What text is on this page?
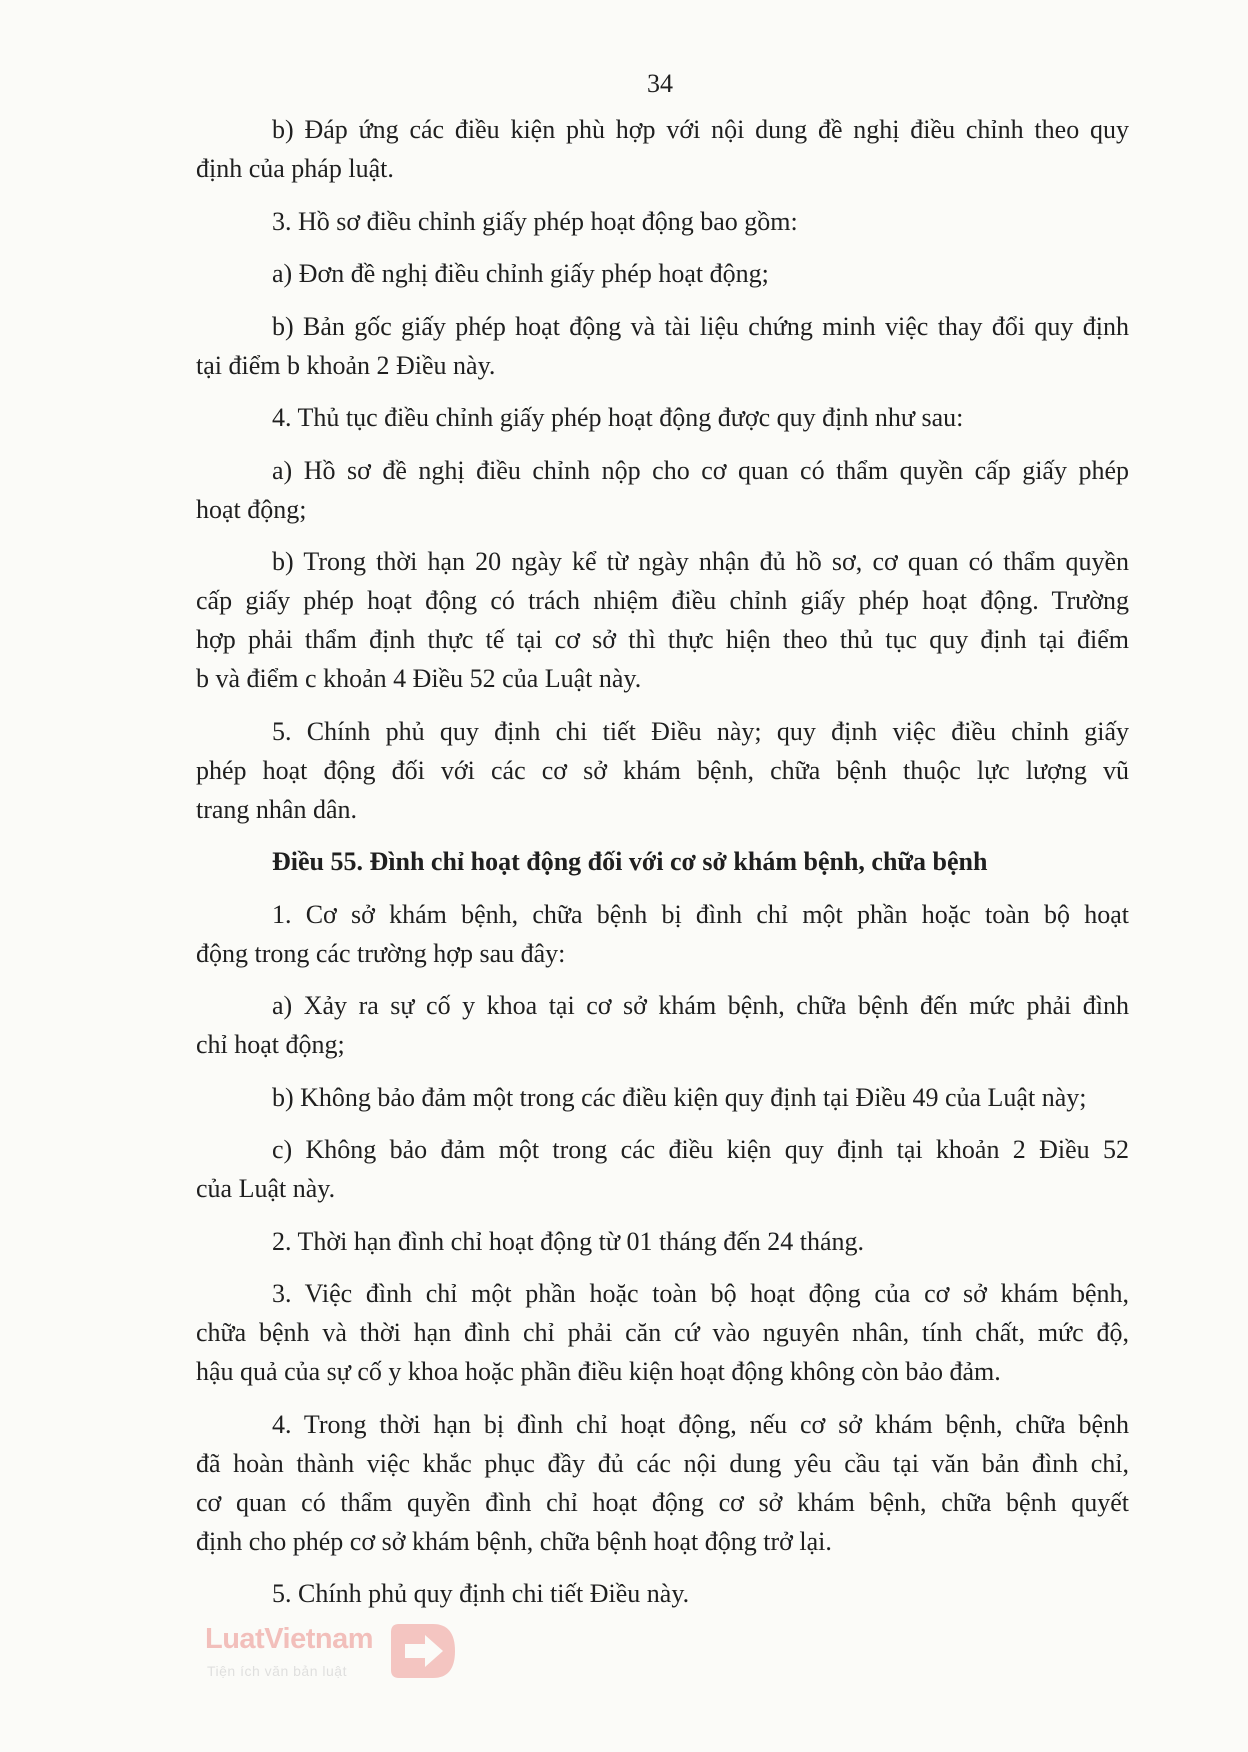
34
b) Đáp ứng các điều kiện phù hợp với nội dung đề nghị điều chỉnh theo quy
định của pháp luật.
3. Hồ sơ điều chỉnh giấy phép hoạt động bao gồm:
a) Đơn đề nghị điều chỉnh giấy phép hoạt động;
b) Bản gốc giấy phép hoạt động và tài liệu chứng minh việc thay đổi quy định
tại điểm b khoản 2 Điều này.
4. Thủ tục điều chỉnh giấy phép hoạt động được quy định như sau:
a) Hồ sơ đề nghị điều chỉnh nộp cho cơ quan có thẩm quyền cấp giấy phép
hoạt động;
b) Trong thời hạn 20 ngày kể từ ngày nhận đủ hồ sơ, cơ quan có thẩm quyền
cấp giấy phép hoạt động có trách nhiệm điều chỉnh giấy phép hoạt động. Trường
hợp phải thẩm định thực tế tại cơ sở thì thực hiện theo thủ tục quy định tại điểm
b và điểm c khoản 4 Điều 52 của Luật này.
5. Chính phủ quy định chi tiết Điều này; quy định việc điều chỉnh giấy
phép hoạt động đối với các cơ sở khám bệnh, chữa bệnh thuộc lực lượng vũ
trang nhân dân.
Điều 55. Đình chỉ hoạt động đối với cơ sở khám bệnh, chữa bệnh
1. Cơ sở khám bệnh, chữa bệnh bị đình chỉ một phần hoặc toàn bộ hoạt
động trong các trường hợp sau đây:
a) Xảy ra sự cố y khoa tại cơ sở khám bệnh, chữa bệnh đến mức phải đình
chỉ hoạt động;
b) Không bảo đảm một trong các điều kiện quy định tại Điều 49 của Luật này;
c) Không bảo đảm một trong các điều kiện quy định tại khoản 2 Điều 52
của Luật này.
2. Thời hạn đình chỉ hoạt động từ 01 tháng đến 24 tháng.
3. Việc đình chỉ một phần hoặc toàn bộ hoạt động của cơ sở khám bệnh,
chữa bệnh và thời hạn đình chỉ phải căn cứ vào nguyên nhân, tính chất, mức độ,
hậu quả của sự cố y khoa hoặc phần điều kiện hoạt động không còn bảo đảm.
4. Trong thời hạn bị đình chỉ hoạt động, nếu cơ sở khám bệnh, chữa bệnh
đã hoàn thành việc khắc phục đầy đủ các nội dung yêu cầu tại văn bản đình chỉ,
cơ quan có thẩm quyền đình chỉ hoạt động cơ sở khám bệnh, chữa bệnh quyết
định cho phép cơ sở khám bệnh, chữa bệnh hoạt động trở lại.
5. Chính phủ quy định chi tiết Điều này.
LuatVietnam
Tiện ích văn bản luật
